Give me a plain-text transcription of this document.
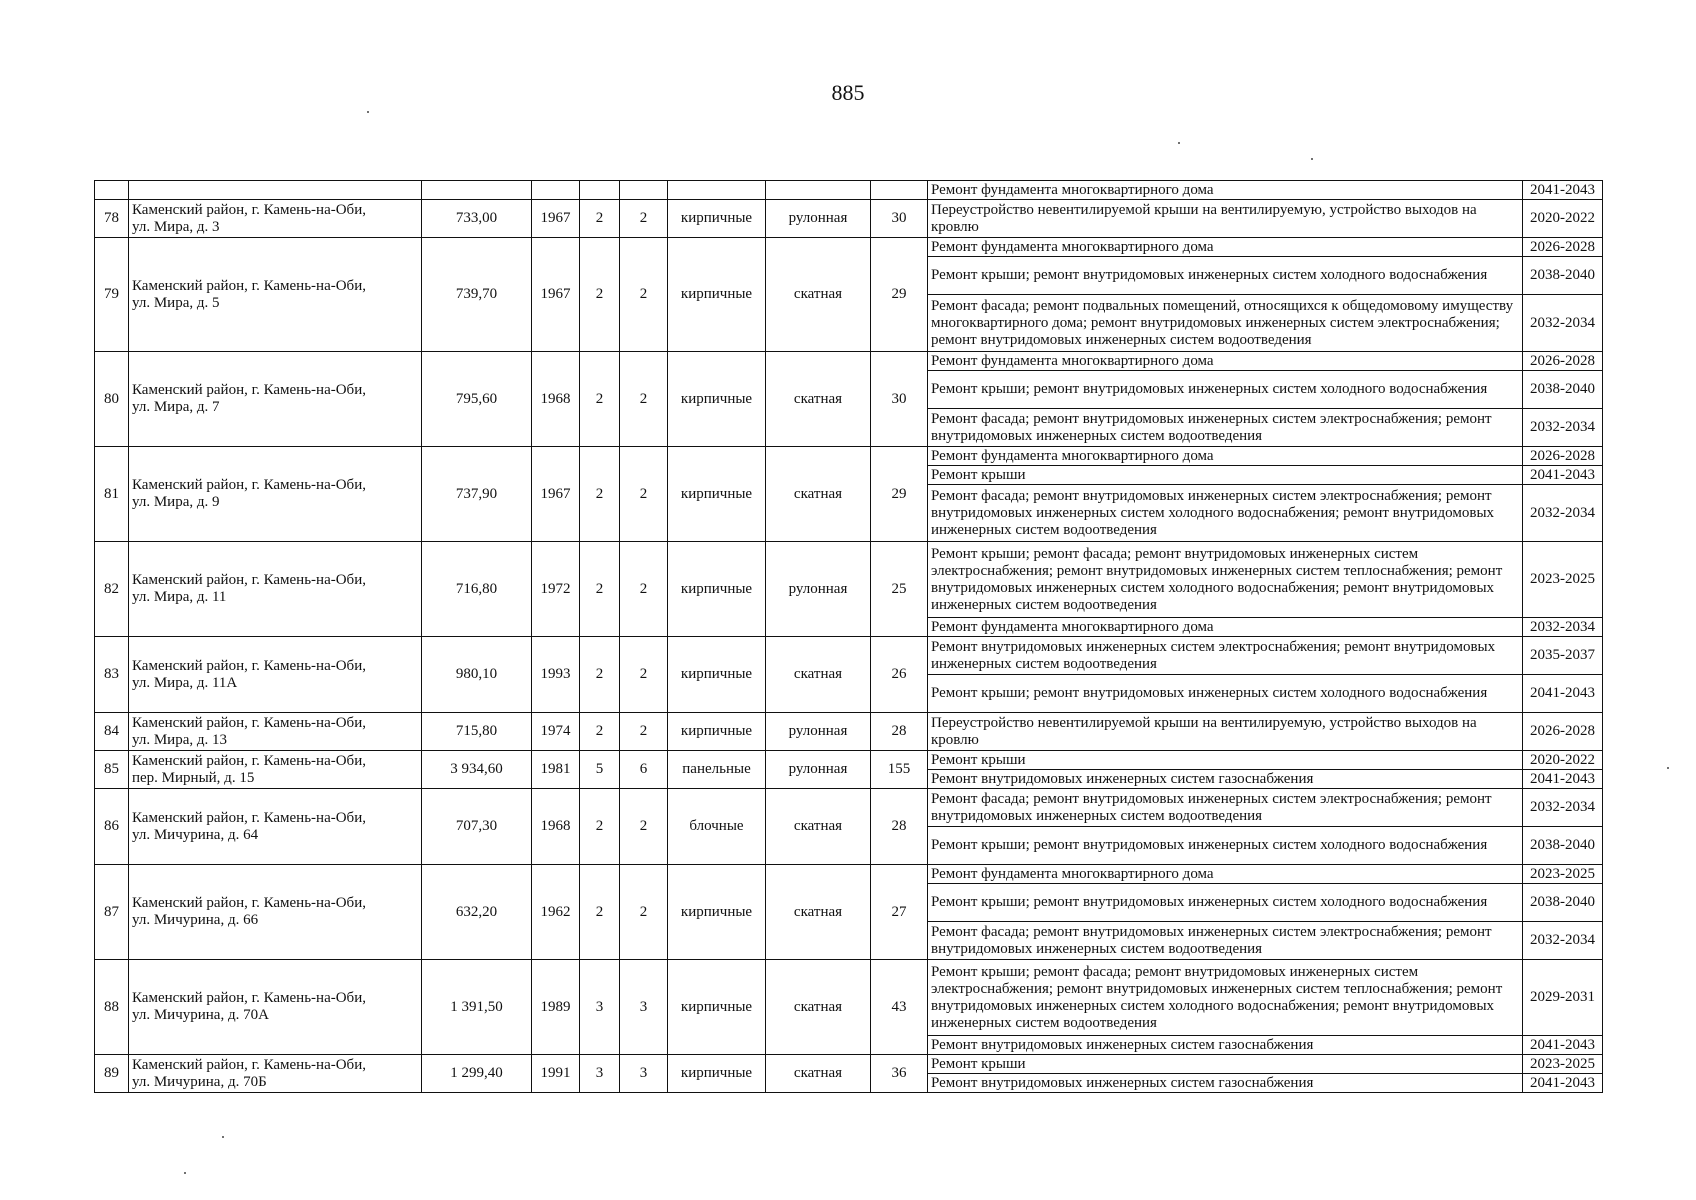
885
									Ремонт фундамента многоквартирного дома	2041-2043
78	Каменский район, г. Камень-на-Оби,
ул. Мира, д. 3	733,00	1967	2	2	кирпичные	рулонная	30	Переустройство невентилируемой крыши на вентилируемую, устройство выходов на кровлю	2020-2022
79	Каменский район, г. Камень-на-Оби,
ул. Мира, д. 5	739,70	1967	2	2	кирпичные	скатная	29	Ремонт фундамента многоквартирного дома	2026-2028
									Ремонт крыши; ремонт внутридомовых инженерных систем холодного водоснабжения	2038-2040
									Ремонт фасада; ремонт подвальных помещений, относящихся к общедомовому имуществу многоквартирного дома; ремонт внутридомовых инженерных систем электроснабжения; ремонт внутридомовых инженерных систем водоотведения	2032-2034
80	Каменский район, г. Камень-на-Оби,
ул. Мира, д. 7	795,60	1968	2	2	кирпичные	скатная	30	Ремонт фундамента многоквартирного дома	2026-2028
									Ремонт крыши; ремонт внутридомовых инженерных систем холодного водоснабжения	2038-2040
									Ремонт фасада; ремонт внутридомовых инженерных систем электроснабжения; ремонт внутридомовых инженерных систем водоотведения	2032-2034
81	Каменский район, г. Камень-на-Оби,
ул. Мира, д. 9	737,90	1967	2	2	кирпичные	скатная	29	Ремонт фундамента многоквартирного дома	2026-2028
									Ремонт крыши	2041-2043
									Ремонт фасада; ремонт внутридомовых инженерных систем электроснабжения; ремонт внутридомовых инженерных систем холодного водоснабжения; ремонт внутридомовых инженерных систем водоотведения	2032-2034
82	Каменский район, г. Камень-на-Оби,
ул. Мира, д. 11	716,80	1972	2	2	кирпичные	рулонная	25	Ремонт крыши; ремонт фасада; ремонт внутридомовых инженерных систем электроснабжения; ремонт внутридомовых инженерных систем теплоснабжения; ремонт внутридомовых инженерных систем холодного водоснабжения; ремонт внутридомовых инженерных систем водоотведения	2023-2025
									Ремонт фундамента многоквартирного дома	2032-2034
83	Каменский район, г. Камень-на-Оби,
ул. Мира, д. 11А	980,10	1993	2	2	кирпичные	скатная	26	Ремонт внутридомовых инженерных систем электроснабжения; ремонт внутридомовых инженерных систем водоотведения	2035-2037
									Ремонт крыши; ремонт внутридомовых инженерных систем холодного водоснабжения	2041-2043
84	Каменский район, г. Камень-на-Оби,
ул. Мира, д. 13	715,80	1974	2	2	кирпичные	рулонная	28	Переустройство невентилируемой крыши на вентилируемую, устройство выходов на кровлю	2026-2028
85	Каменский район, г. Камень-на-Оби,
пер. Мирный, д. 15	3 934,60	1981	5	6	панельные	рулонная	155	Ремонт крыши	2020-2022
									Ремонт внутридомовых инженерных систем газоснабжения	2041-2043
86	Каменский район, г. Камень-на-Оби,
ул. Мичурина, д. 64	707,30	1968	2	2	блочные	скатная	28	Ремонт фасада; ремонт внутридомовых инженерных систем электроснабжения; ремонт внутридомовых инженерных систем водоотведения	2032-2034
									Ремонт крыши; ремонт внутридомовых инженерных систем холодного водоснабжения	2038-2040
87	Каменский район, г. Камень-на-Оби,
ул. Мичурина, д. 66	632,20	1962	2	2	кирпичные	скатная	27	Ремонт фундамента многоквартирного дома	2023-2025
									Ремонт крыши; ремонт внутридомовых инженерных систем холодного водоснабжения	2038-2040
									Ремонт фасада; ремонт внутридомовых инженерных систем электроснабжения; ремонт внутридомовых инженерных систем водоотведения	2032-2034
88	Каменский район, г. Камень-на-Оби,
ул. Мичурина, д. 70А	1 391,50	1989	3	3	кирпичные	скатная	43	Ремонт крыши; ремонт фасада; ремонт внутридомовых инженерных систем электроснабжения; ремонт внутридомовых инженерных систем теплоснабжения; ремонт внутридомовых инженерных систем холодного водоснабжения; ремонт внутридомовых инженерных систем водоотведения	2029-2031
									Ремонт внутридомовых инженерных систем газоснабжения	2041-2043
89	Каменский район, г. Камень-на-Оби,
ул. Мичурина, д. 70Б	1 299,40	1991	3	3	кирпичные	скатная	36	Ремонт крыши	2023-2025
									Ремонт внутридомовых инженерных систем газоснабжения	2041-2043
